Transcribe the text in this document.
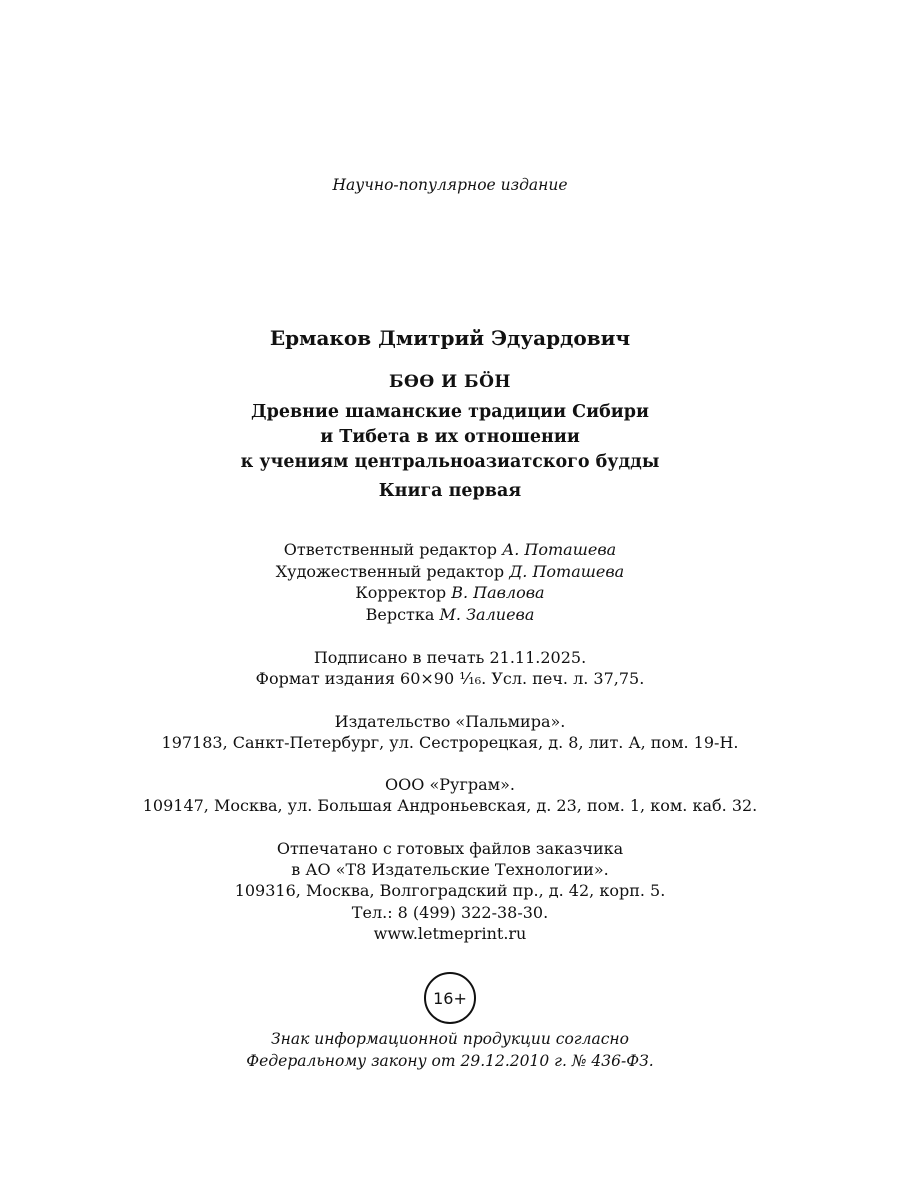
Научно-популярное издание
Ермаков Дмитрий Эдуардович
БӨӨ И БӦН
Древние шаманские традиции Сибири
и Тибета в их отношении
к учениям центральноазиатского будды
Книга первая
Ответственный редактор А. Поташева
Художественный редактор Д. Поташева
Корректор В. Павлова
Верстка М. Залиева
Подписано в печать 21.11.2025.
Формат издания 60×90 ¹⁄₁₆. Усл. печ. л. 37,75.
Издательство «Пальмира».
197183, Санкт-Петербург, ул. Сестрорецкая, д. 8, лит. А, пом. 19-Н.
ООО «Руграм».
109147, Москва, ул. Большая Андроньевская, д. 23, пом. 1, ком. каб. 32.
Отпечатано с готовых файлов заказчика
в АО «Т8 Издательские Технологии».
109316, Москва, Волгоградский пр., д. 42, корп. 5.
Тел.: 8 (499) 322-38-30.
www.letmeprint.ru
16+
Знак информационной продукции согласно
Федеральному закону от 29.12.2010 г. № 436-ФЗ.
